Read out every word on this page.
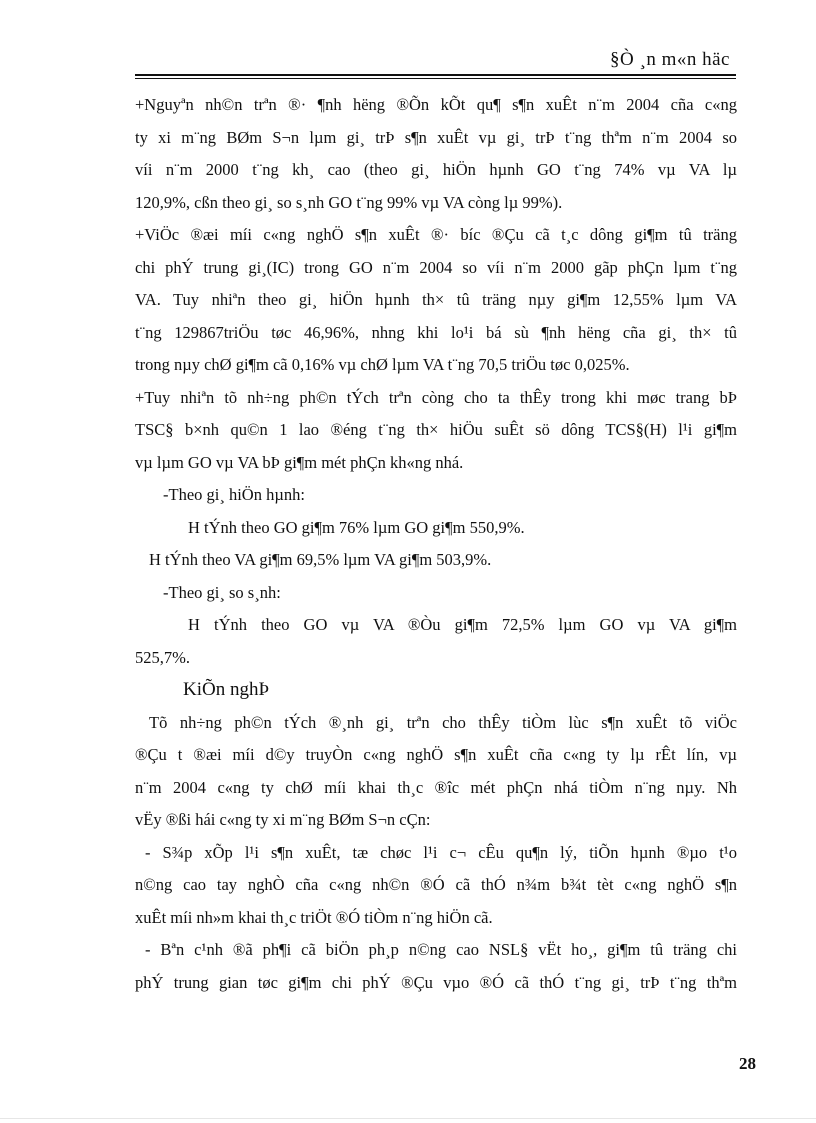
§Ò ¸n m«n häc
+Nguyªn nh©n trªn ®· ¶nh hëng ®Õn kÕt qu¶ s¶n xuÊt n¨m 2004 cña c«ng
ty xi m¨ng BØm S¬n lµm gi¸ trÞ s¶n xuÊt vµ gi¸ trÞ t¨ng thªm n¨m 2004 so
víi n¨m 2000 t¨ng kh¸ cao (theo gi¸ hiÖn hµnh GO t¨ng 74% vµ VA lµ
120,9%, cßn theo gi¸ so s¸nh GO t¨ng 99% vµ VA còng lµ 99%).
+ViÖc ®æi míi c«ng nghÖ s¶n xuÊt ®· bíc ®Çu cã t¸c dông gi¶m tû träng
chi phÝ trung gi¸(IC) trong GO n¨m 2004 so víi n¨m 2000 gãp phÇn lµm t¨ng
VA. Tuy nhiªn theo gi¸ hiÖn hµnh th× tû träng nµy gi¶m 12,55% lµm VA
t¨ng 129867triÖu tøc 46,96%, nhng khi lo¹i bá sù ¶nh hëng cña gi¸ th× tû
trong nµy chØ gi¶m cã 0,16% vµ chØ lµm VA t¨ng 70,5 triÖu tøc 0,025%.
+Tuy nhiªn tõ nh÷ng ph©n tÝch trªn còng cho ta thÊy trong khi møc trang bÞ
TSC§ b×nh qu©n 1 lao ®éng t¨ng th× hiÖu suÊt sö dông TCS§(H) l¹i gi¶m
vµ lµm GO vµ VA bÞ gi¶m mét phÇn kh«ng nhá.
-Theo gi¸ hiÖn hµnh:
H tÝnh theo GO gi¶m 76% lµm GO gi¶m 550,9%.
H tÝnh theo VA gi¶m 69,5% lµm VA gi¶m 503,9%.
-Theo gi¸ so s¸nh:
H tÝnh theo GO vµ VA ®Òu gi¶m 72,5% lµm GO vµ VA gi¶m
525,7%.
KiÕn nghÞ
Tõ nh÷ng ph©n tÝch ®¸nh gi¸ trªn cho thÊy tiÒm lùc s¶n xuÊt tõ viÖc
®Çu t ®æi míi d©y truyÒn c«ng nghÖ s¶n xuÊt cña c«ng ty lµ rÊt lín, vµ
n¨m 2004 c«ng ty chØ míi khai th¸c ®îc mét phÇn nhá tiÒm n¨ng nµy. Nh
vËy ®ßi hái c«ng ty xi m¨ng BØm S¬n cÇn:
- S¾p xÕp l¹i s¶n xuÊt, tæ chøc l¹i c¬ cÊu qu¶n lý, tiÕn hµnh ®µo t¹o
n©ng cao tay nghÒ cña c«ng nh©n ®Ó cã thÓ n¾m b¾t tèt c«ng nghÖ s¶n
xuÊt míi nh»m khai th¸c triÖt ®Ó tiÒm n¨ng hiÖn cã.
- Bªn c¹nh ®ã ph¶i cã biÖn ph¸p n©ng cao NSL§ vËt ho¸, gi¶m tû träng chi
phÝ trung gian tøc gi¶m chi phÝ ®Çu vµo ®Ó cã thÓ t¨ng gi¸ trÞ t¨ng thªm
28
